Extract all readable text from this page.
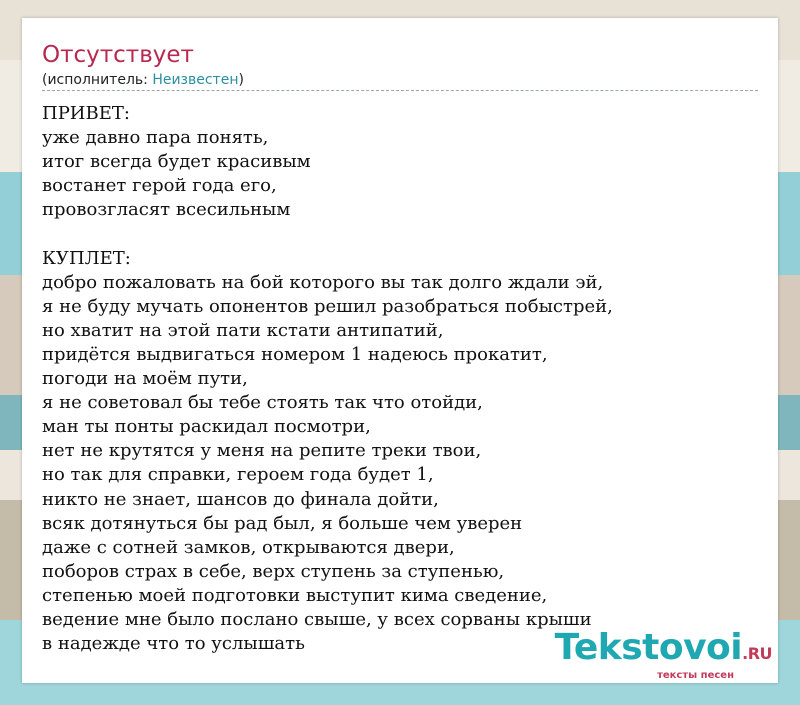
Отсутствует
(исполнитель: Неизвестен)
ПРИВЕТ:
уже давно пара понять,
итог всегда будет красивым
востанет герой года его,
провозгласят всесильным

КУПЛЕТ:
добро пожаловать на бой которого вы так долго ждали эй,
я не буду мучать опонентов решил разобраться побыстрей,
но хватит на этой пати кстати антипатий,
придётся выдвигаться номером 1 надеюсь прокатит,
погоди на моём пути,
я не советовал бы тебе стоять так что отойди,
ман ты понты раскидал посмотри,
нет не крутятся у меня на репите треки твои,
но так для справки, героем года будет 1,
никто не знает, шансов до финала дойти,
всяк дотянуться бы рад был, я больше чем уверен
даже с сотней замков, открываются двери,
поборов страх в себе, верх ступень за ступенью,
степенью моей подготовки выступит кима сведение,
ведение мне было послано свыше, у всех сорваны крыши
в надежде что то услышать	Tekstovoi.RU
тексты песен
